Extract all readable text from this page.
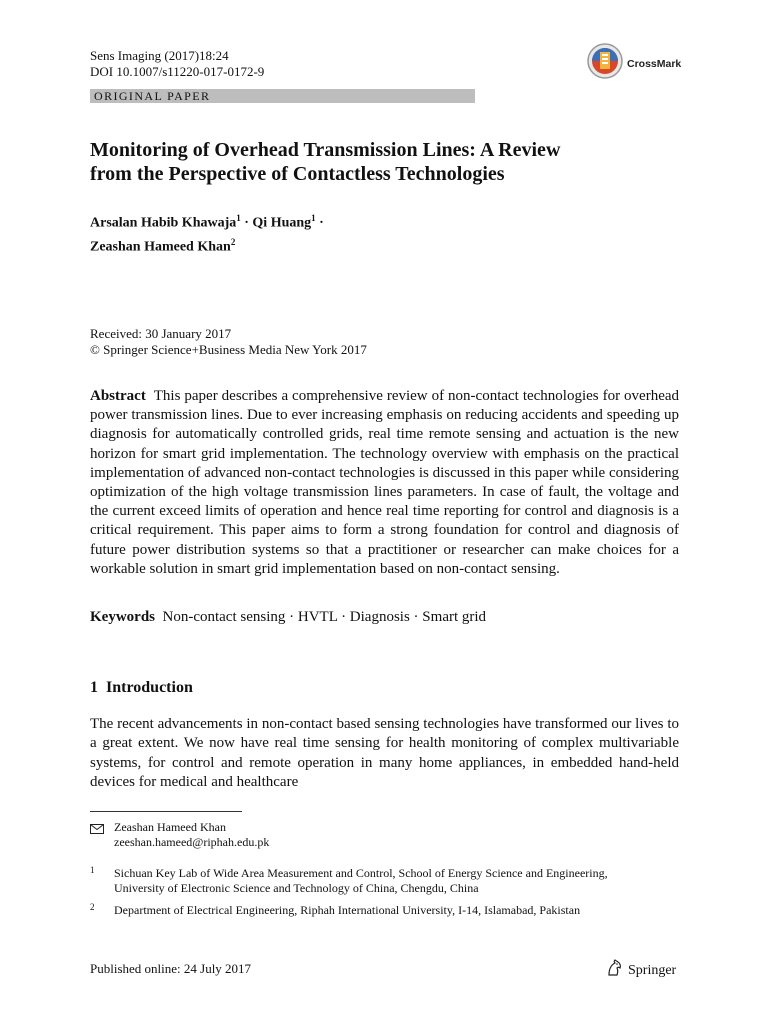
Sens Imaging (2017)18:24
DOI 10.1007/s11220-017-0172-9
CrossMark
ORIGINAL PAPER
Monitoring of Overhead Transmission Lines: A Review
from the Perspective of Contactless Technologies
Arsalan Habib Khawaja$^1$ · Qi Huang$^1$ ·
Zeashan Hameed Khan$^2$
Received: 30 January 2017
© Springer Science+Business Media New York 2017
Abstract This paper describes a comprehensive review of non-contact technologies for overhead power transmission lines. Due to ever increasing emphasis on reducing accidents and speeding up diagnosis for automatically controlled grids, real time remote sensing and actuation is the new horizon for smart grid implementation. The technology overview with emphasis on the practical implementation of advanced non-contact technologies is discussed in this paper while considering optimization of the high voltage transmission lines parameters. In case of fault, the voltage and the current exceed limits of operation and hence real time reporting for control and diagnosis is a critical requirement. This paper aims to form a strong foundation for control and diagnosis of future power distribution systems so that a practitioner or researcher can make choices for a workable solution in smart grid implementation based on non-contact sensing.
Keywords Non-contact sensing · HVTL · Diagnosis · Smart grid
1  Introduction
The recent advancements in non-contact based sensing technologies have transformed our lives to a great extent. We now have real time sensing for health monitoring of complex multivariable systems, for control and remote operation in many home appliances, in embedded hand-held devices for medical and healthcare
Zeashan Hameed Khan
zeeshan.hameed@riphah.edu.pk
1 Sichuan Key Lab of Wide Area Measurement and Control, School of Energy Science and Engineering, University of Electronic Science and Technology of China, Chengdu, China
2 Department of Electrical Engineering, Riphah International University, I-14, Islamabad, Pakistan
Published online: 24 July 2017	Springer
